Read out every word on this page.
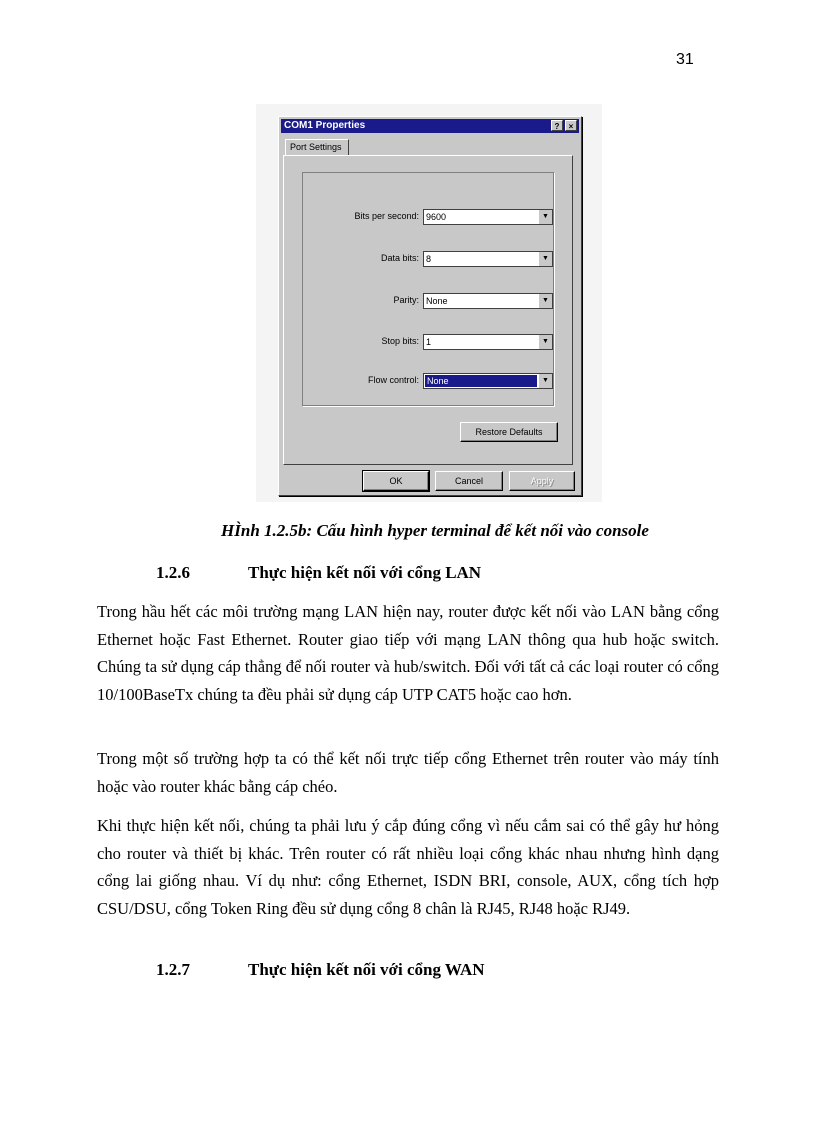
31
COM1 Properties	?	×
Port Settings
Bits per second: 9600	▼
Data bits: 8	▼
Parity: None	▼
Stop bits: 1	▼
Flow control: None	▼
Restore Defaults
OK	Cancel	Apply
HÌnh 1.2.5b: Cấu hình hyper terminal để kết nối vào console
1.2.6	Thực hiện kết nối với cổng LAN

Trong hầu hết các môi trường mạng LAN hiện nay, router được kết nối vào LAN bằng cổng Ethernet hoặc Fast Ethernet. Router giao tiếp với mạng LAN thông qua hub hoặc switch. Chúng ta sử dụng cáp thẳng để nối router và hub/switch. Đối với tất cả các loại router có cổng 10/100BaseTx chúng ta đều phải sử dụng cáp UTP CAT5 hoặc cao hơn.

Trong một số trường hợp ta có thể kết nối trực tiếp cổng Ethernet trên router vào máy tính hoặc vào router khác bằng cáp chéo.

Khi thực hiện kết nối, chúng ta phải lưu ý cắp đúng cổng vì nếu cắm sai có thể gây hư hỏng cho router và thiết bị khác. Trên router có rất nhiều loại cổng khác nhau nhưng hình dạng cổng lai giống nhau. Ví dụ như: cổng Ethernet, ISDN BRI, console, AUX, cổng tích hợp CSU/DSU, cổng Token Ring đều sử dụng cổng 8 chân là RJ45, RJ48 hoặc RJ49.

1.2.7	Thực hiện kết nối với cổng WAN
